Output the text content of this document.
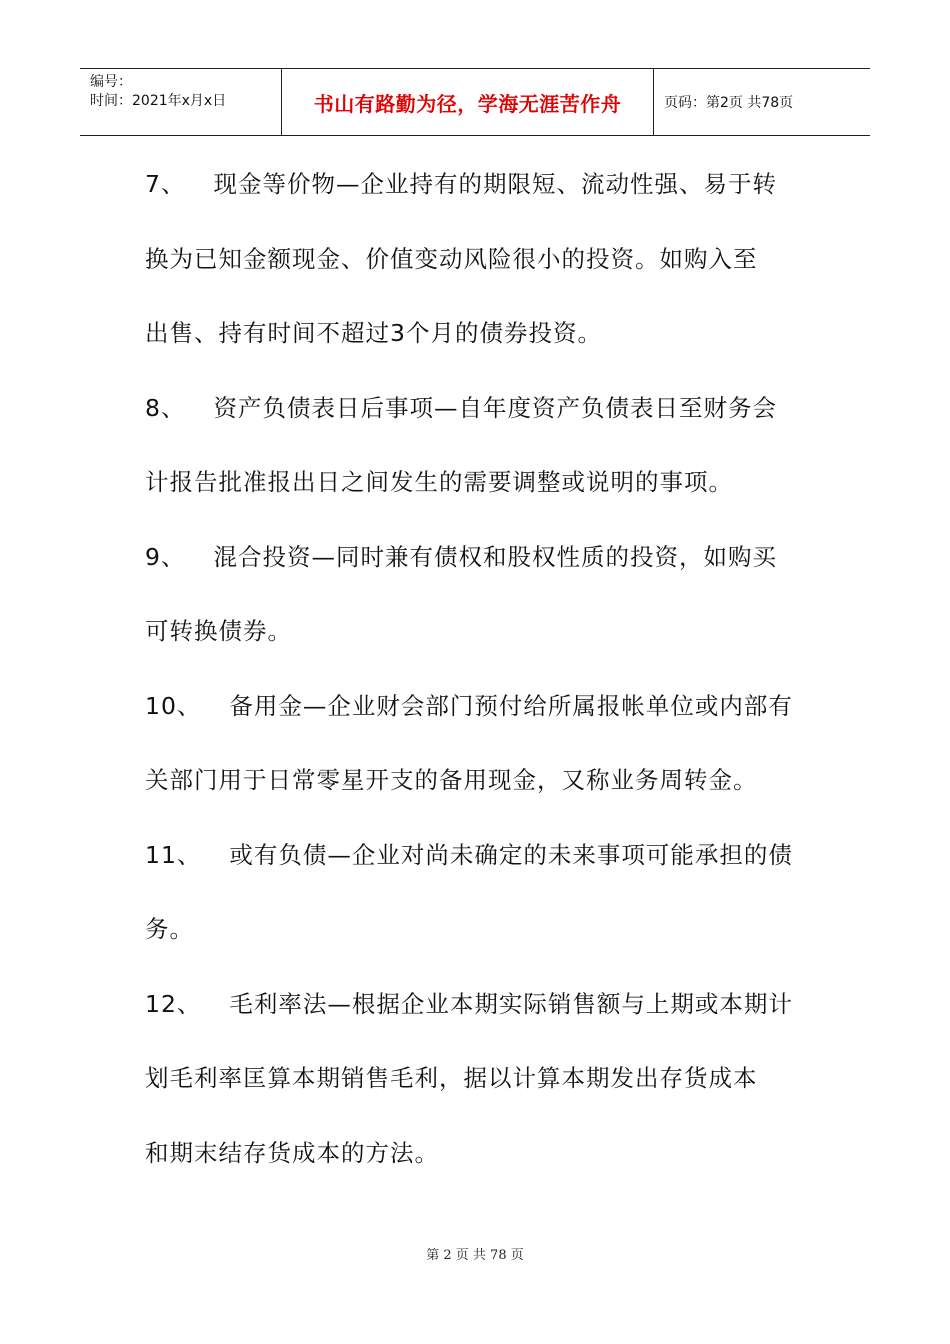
编号：
时间：2021年x月x日	书山有路勤为径，学海无涯苦作舟	页码：第2页 共78页
7、 现金等价物—企业持有的期限短、流动性强、易于转
换为已知金额现金、价值变动风险很小的投资。如购入至
出售、持有时间不超过3个月的债券投资。
8、 资产负债表日后事项—自年度资产负债表日至财务会
计报告批准报出日之间发生的需要调整或说明的事项。
9、 混合投资—同时兼有债权和股权性质的投资，如购买
可转换债券。
10、 备用金—企业财会部门预付给所属报帐单位或内部有
关部门用于日常零星开支的备用现金，又称业务周转金。
11、 或有负债—企业对尚未确定的未来事项可能承担的债
务。
12、 毛利率法—根据企业本期实际销售额与上期或本期计
划毛利率匡算本期销售毛利，据以计算本期发出存货成本
和期末结存货成本的方法。
第 2 页 共 78 页
